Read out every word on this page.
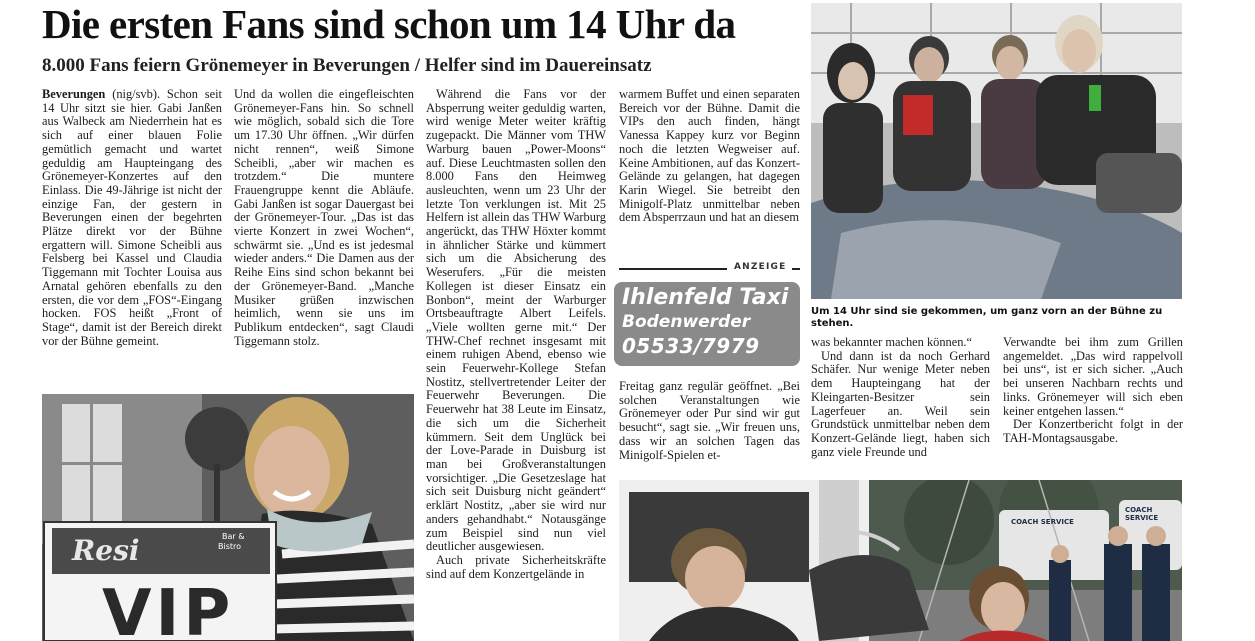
Die ersten Fans sind schon um 14 Uhr da
8.000 Fans feiern Grönemeyer in Beverungen / Helfer sind im Dauereinsatz

Beverungen (nig/svb). Schon seit 14 Uhr sitzt sie hier. Gabi Janßen aus Walbeck am Niederrhein hat es sich auf einer blauen Folie gemütlich gemacht und wartet geduldig am Haupteingang des Grönemeyer-Konzertes auf den Einlass. Die 49-Jährige ist nicht der einzige Fan, der gestern in Beverungen einen der begehrten Plätze direkt vor der Bühne ergattern will. Simone Scheibli aus Felsberg bei Kassel und Claudia Tiggemann mit Tochter Louisa aus Arnatal gehören ebenfalls zu den ersten, die vor dem „FOS“-Eingang hocken. FOS heißt „Front of Stage“, damit ist der Bereich direkt vor der Bühne gemeint.

Und da wollen die eingefleischten Grönemeyer-Fans hin. So schnell wie möglich, sobald sich die Tore um 17.30 Uhr öffnen. „Wir dürfen nicht rennen“, weiß Simone Scheibli, „aber wir machen es trotzdem.“ Die muntere Frauengruppe kennt die Abläufe. Gabi Janßen ist sogar Dauergast bei der Grönemeyer-Tour. „Das ist das vierte Konzert in zwei Wochen“, schwärmt sie. „Und es ist jedesmal wieder anders.“ Die Damen aus der Reihe Eins sind schon bekannt bei der Grönemeyer-Band. „Manche Musiker grüßen inzwischen heimlich, wenn sie uns im Publikum entdecken“, sagt Claudi Tiggemann stolz.

Während die Fans vor der Absperrung weiter geduldig warten, wird wenige Meter weiter kräftig zugepackt. Die Männer vom THW Warburg bauen „Power-Moons“ auf. Diese Leuchtmasten sollen den 8.000 Fans den Heimweg ausleuchten, wenn um 23 Uhr der letzte Ton verklungen ist. Mit 25 Helfern ist allein das THW Warburg angerückt, das THW Höxter kommt in ähnlicher Stärke und kümmert sich um die Absicherung des Weserufers. „Für die meisten Kollegen ist dieser Einsatz ein Bonbon“, meint der Warburger Ortsbeauftragte Albert Leifels. „Viele wollten gerne mit.“ Der THW-Chef rechnet insgesamt mit einem ruhigen Abend, ebenso wie sein Feuerwehr-Kollege Stefan Nostitz, stellvertretender Leiter der Feuerwehr Beverungen. Die Feuerwehr hat 38 Leute im Einsatz, die sich um die Sicherheit kümmern. Seit dem Unglück bei der Love-Parade in Duisburg ist man bei Großveranstaltungen vorsichtiger. „Die Gesetzeslage hat sich seit Duisburg nicht geändert“ erklärt Nostitz, „aber sie wird nur anders gehandhabt.“ Notausgänge zum Beispiel sind nun viel deutlicher ausgewiesen.

Auch private Sicherheitskräfte sind auf dem Konzertgelände in

warmem Buffet und einen separaten Bereich vor der Bühne. Damit die VIPs den auch finden, hängt Vanessa Kappey kurz vor Beginn noch die letzten Wegweiser auf. Keine Ambitionen, auf das Konzert-Gelände zu gelangen, hat dagegen Karin Wiegel. Sie betreibt den Minigolf-Platz unmittelbar neben dem Absperrzaun und hat an diesem

ANZEIGE
Ihlenfeld Taxi
Bodenwerder
05533/7979

Freitag ganz regulär geöffnet. „Bei solchen Veranstaltungen wie Grönemeyer oder Pur sind wir gut besucht“, sagt sie. „Wir freuen uns, dass wir an solchen Tagen das Minigolf-Spielen et-

was bekannter machen können.“

Und dann ist da noch Gerhard Schäfer. Nur wenige Meter neben dem Haupteingang hat der Kleingarten-Besitzer sein Lagerfeuer an. Weil sein Grundstück unmittelbar neben dem Konzert-Gelände liegt, haben sich ganz viele Freunde und

Verwandte bei ihm zum Grillen angemeldet. „Das wird rappelvoll bei uns“, ist er sich sicher. „Auch bei unseren Nachbarn rechts und links. Grönemeyer will sich eben keiner entgehen lassen.“

Der Konzertbericht folgt in der TAH-Montagsausgabe.

Um 14 Uhr sind sie gekommen, um ganz vorn an der Bühne zu stehen.
Resi	Bar &
Bistro
VIP
COACH SERVICE
COACH SERVICE
